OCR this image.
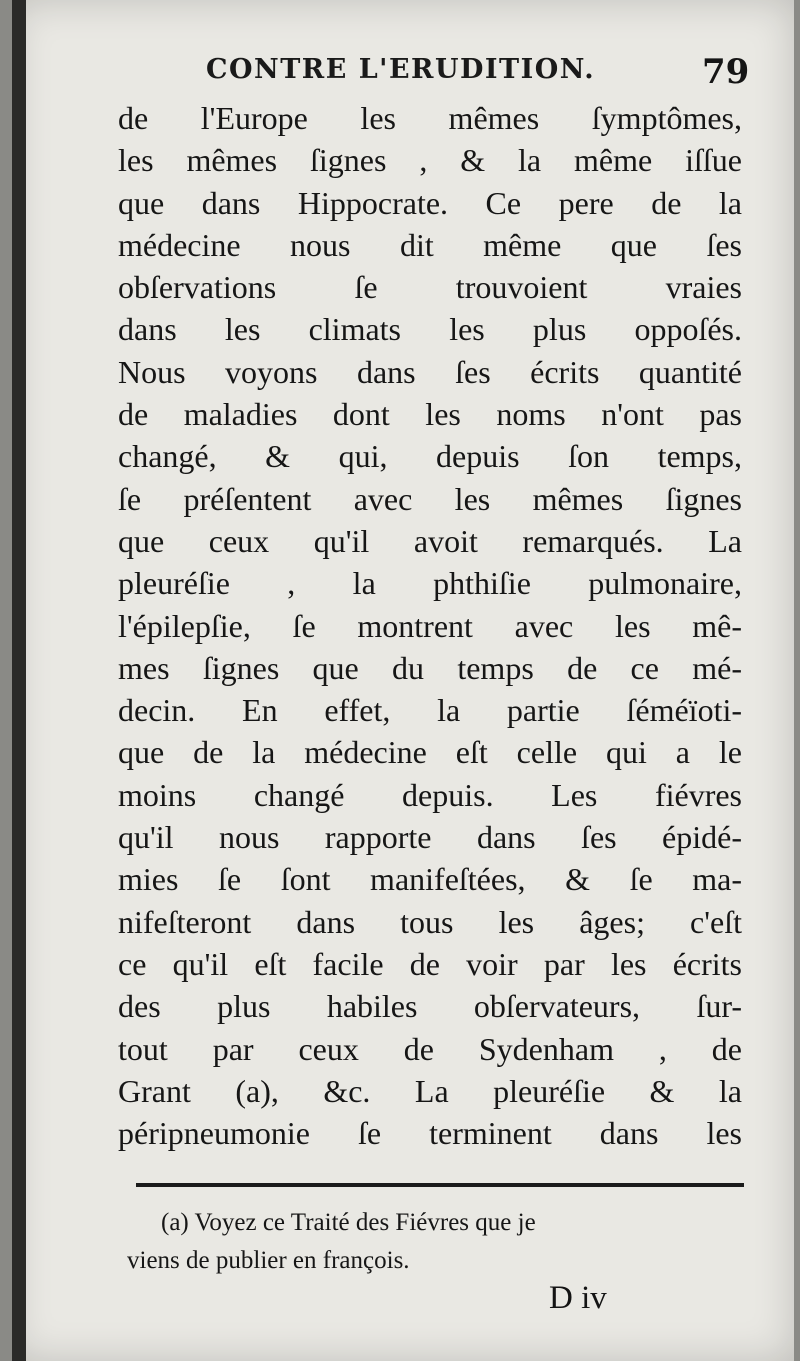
CONTRE L'ERUDITION.	79
de l'Europe les mêmes ſymptômes,
les mêmes ſignes , & la même iſſue
que dans Hippocrate. Ce pere de la
médecine nous dit même que ſes
obſervations ſe trouvoient vraies
dans les climats les plus oppoſés.
Nous voyons dans ſes écrits quantité
de maladies dont les noms n'ont pas
changé, & qui, depuis ſon temps,
ſe préſentent avec les mêmes ſignes
que ceux qu'il avoit remarqués. La
pleuréſie , la phthiſie pulmonaire,
l'épilepſie, ſe montrent avec les mê-
mes ſignes que du temps de ce mé-
decin. En effet, la partie ſéméïoti-
que de la médecine eſt celle qui a le
moins changé depuis. Les fiévres
qu'il nous rapporte dans ſes épidé-
mies ſe ſont manifeſtées, & ſe ma-
nifeſteront dans tous les âges; c'eſt
ce qu'il eſt facile de voir par les écrits
des plus habiles obſervateurs, ſur-
tout par ceux de Sydenham , de
Grant (a), &c. La pleuréſie & la
péripneumonie ſe terminent dans les
(a) Voyez ce Traité des Fiévres que je
viens de publier en françois.
D iv
